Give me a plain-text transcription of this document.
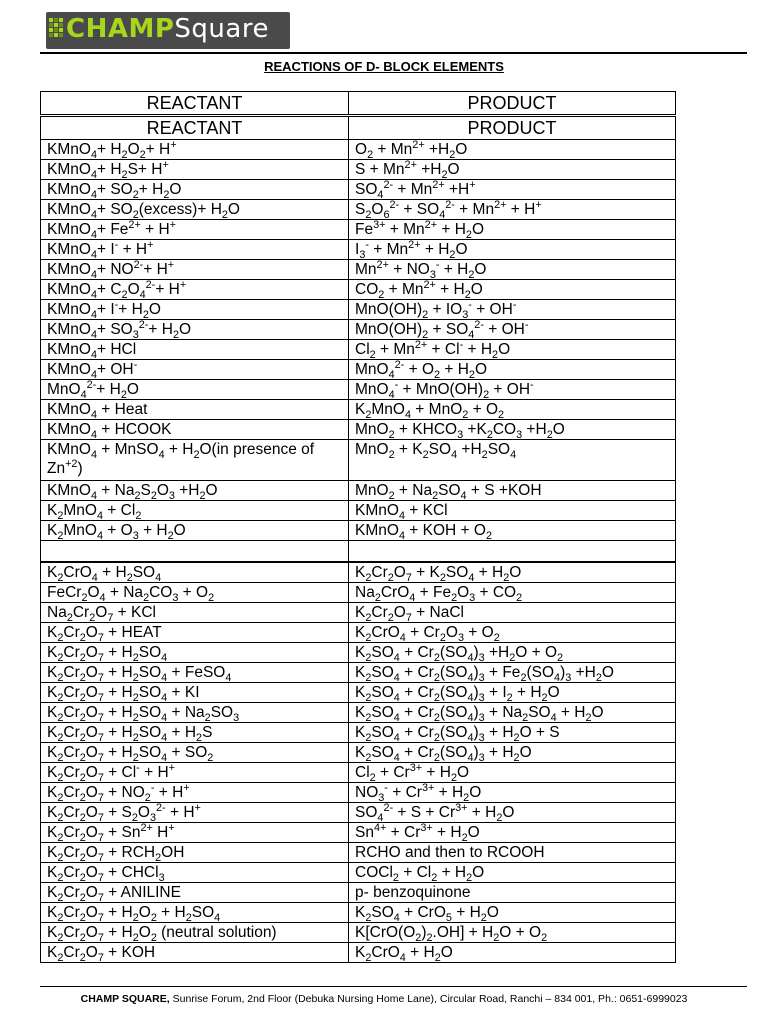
CHAMPSquare
REACTIONS OF D- BLOCK ELEMENTS
REACTANT	PRODUCT
REACTANT	PRODUCT
KMnO$_4$+ $H_2O_2+ H^+$	$O_2 + Mn^{2+} +H_2O$
KMnO$_4$+ $H_2S+ H^+$	$S + Mn^{2+} +H_2O$
KMnO$_4$+ $SO_2+ H_2O$	$SO_4^{2-} + Mn^{2+} +H^+$
KMnO$_4$+ $SO_2(excess)+ H_2O$	$S_2O_6^{2-} + SO_4^{2-} + Mn^{2+} + H^+$
KMnO$_4$+ $Fe^{2+} + H^+$	$Fe^{3+} + Mn^{2+} + H_2O$
KMnO$_4$+ I- + H+	$I_3^- + Mn^{2+} + H_2O$
KMnO$_4$+ $NO^{2-}+ H^+$	$Mn^{2+} + NO_3^- + H_2O$
KMnO$_4$+ $C_2O_4^{2-}+ H^+$	$CO_2 + Mn^{2+} + H_2O$
KMnO$_4$+ $I^-+ H_2O$	$MnO(OH)_2 + IO_3^- + OH^-$
KMnO$_4$+ $SO_3^{2-}+ H_2O$	$MnO(OH)_2 + SO_4^{2-} + OH^-$
KMnO$_4$+ HCl	$Cl_2 + Mn^{2+} + Cl^- + H_2O$
KMnO$_4$+ OH-	$MnO_4^{2-} + O_2 + H_2O$
$MnO_4^{2-}+ H_2O$	$MnO_4^- + MnO(OH)_2 + OH^-$
KMnO$_4$ + Heat	$K_2MnO_4 + MnO_2 + O_2$
KMnO$_4$ + HCOOK	$MnO_2 + KHCO_3 +K_2CO_3 +H_2O$
KMnO$_4$ + MnSO$_4$ + $H_2O(in$ presence of $Zn^{+2}$)	$MnO_2 + K_2SO_4 +H_2SO_4$
KMnO$_4$ + $Na_2S_2O_3 +H_2O$	$MnO_2 + Na_2SO_4 + S +KOH$
$K_2MnO_4 + Cl_2$	KMnO$_4$ + KCl
$K_2MnO_4 + O_3 + H_2O$	KMnO$_4$ + KOH + $O_2$

$K_2CrO_4 + H_2SO_4$	$K_2Cr_2O_7 + K_2SO_4 + H_2O$
$FeCr_2O_4 + Na_2CO_3 + O_2$	$Na_2CrO_4 + Fe_2O_3 + CO_2$
$Na_2Cr_2O_7$ + KCl	$K_2Cr_2O_7$ + NaCl
$K_2Cr_2O_7$ + HEAT	$K_2CrO_4 + Cr_2O_3 + O_2$
$K_2Cr_2O_7 + H_2SO_4$	$K_2SO_4 + Cr_2(SO_4)_3 +H_2O + O_2$
$K_2Cr_2O_7 + H_2SO_4$ + FeSO$_4$	$K_2SO_4 + Cr_2(SO_4)_3 + Fe_2(SO_4)_3 +H_2O$
$K_2Cr_2O_7 + H_2SO_4$ + KI	$K_2SO_4 + Cr_2(SO_4)_3 + I_2 + H_2O$
$K_2Cr_2O_7 + H_2SO_4 + Na_2SO_3$	$K_2SO_4 + Cr_2(SO_4)_3 + Na_2SO_4 + H_2O$
$K_2Cr_2O_7 + H_2SO_4 + H_2S$	$K_2SO_4 + Cr_2(SO_4)_3 + H_2O + S$
$K_2Cr_2O_7 + H_2SO_4 + SO_2$	$K_2SO_4 + Cr_2(SO_4)_3 + H_2O$
$K_2Cr_2O_7 + Cl^- + H^+$	$Cl_2 + Cr^{3+} + H_2O$
$K_2Cr_2O_7 + NO_2^- + H^+$	$NO_3^- + Cr^{3+} + H_2O$
$K_2Cr_2O_7 + S_2O_3^{2-} + H^+$	$SO_4^{2-} + S + Cr^{3+} + H_2O$
$K_2Cr_2O_7 + Sn^{2+}$ H+	$Sn^{4+} + Cr^{3+} + H_2O$
$K_2Cr_2O_7 + RCH_2OH$	RCHO and then to RCOOH
$K_2Cr_2O_7$ + CHCl$_3$	COCl$_2$ + $Cl_2 + H_2O$
$K_2Cr_2O_7$ + ANILINE	p- benzoquinone
$K_2Cr_2O_7 + H_2O_2 + H_2SO_4$	$K_2SO_4 + CrO_5 + H_2O$
$K_2Cr_2O_7 + H_2O_2$ (neutral solution)	$K[CrO(O_2)_2.OH] + H_2O + O_2$
$K_2Cr_2O_7$ + KOH	$K_2CrO_4 + H_2O$
CHAMP SQUARE, Sunrise Forum, 2nd Floor (Debuka Nursing Home Lane), Circular Road, Ranchi – 834 001, Ph.: 0651-6999023
